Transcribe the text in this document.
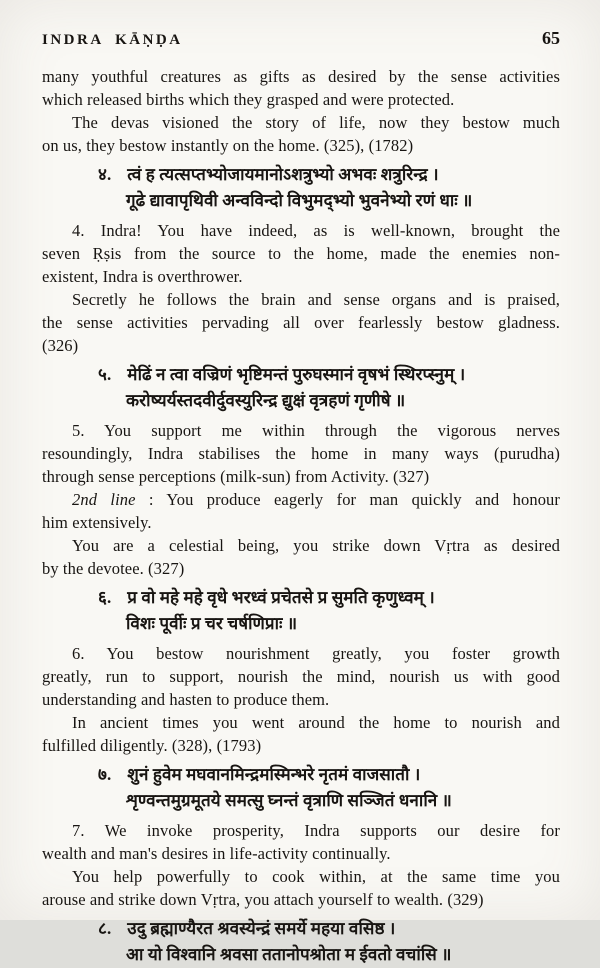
INDRA KĀṆḌA	65
many youthful creatures as gifts as desired by the sense activities
which released births which they grasped and were protected.
The devas visioned the story of life, now they bestow much
on us, they bestow instantly on the home. (325), (1782)
४. त्वं ह त्यत्सप्तभ्योजायमानोऽशत्रुभ्यो अभवः शत्रुरिन्द्र ।
गूढे द्यावापृथिवी अन्वविन्दो विभुमद्भ्यो भुवनेभ्यो रणं धाः ॥
4. Indra! You have indeed, as is well-known, brought the
seven Ṛṣis from the source to the home, made the enemies non-
existent, Indra is overthrower.
Secretly he follows the brain and sense organs and is praised,
the sense activities pervading all over fearlessly bestow gladness.
(326)
५. मेढिं न त्वा वज्रिणं भृष्टिमन्तं पुरुघस्मानं वृषभं स्थिरप्स्नुम् ।
करोष्यर्यस्तदवीर्दुवस्युरिन्द्र द्युक्षं वृत्रहणं गृणीषे ॥
5. You support me within through the vigorous nerves
resoundingly, Indra stabilises the home in many ways (purudha)
through sense perceptions (milk-sun) from Activity. (327)
2nd line : You produce eagerly for man quickly and honour
him extensively.
You are a celestial being, you strike down Vṛtra as desired
by the devotee. (327)
६. प्र वो महे महे वृधे भरध्वं प्रचेतसे प्र सुमति कृणुध्वम् ।
विशः पूर्वीः प्र चर चर्षणिप्राः ॥
6. You bestow nourishment greatly, you foster growth
greatly, run to support, nourish the mind, nourish us with good
understanding and hasten to produce them.
In ancient times you went around the home to nourish and
fulfilled diligently. (328), (1793)
७. शुनं हुवेम मघवानमिन्द्रमस्मिन्भरे नृतमं वाजसातौ ।
शृण्वन्तमुग्रमूतये समत्सु घ्नन्तं वृत्राणि सञ्जितं धनानि ॥
7. We invoke prosperity, Indra supports our desire for
wealth and man's desires in life-activity continually.
You help powerfully to cook within, at the same time you
arouse and strike down Vṛtra, you attach yourself to wealth. (329)
८. उदु ब्रह्माण्यैरत श्रवस्येन्द्रं समर्ये महया वसिष्ठ ।
आ यो विश्वानि श्रवसा ततानोपश्रोता म ईवतो वचांसि ॥
